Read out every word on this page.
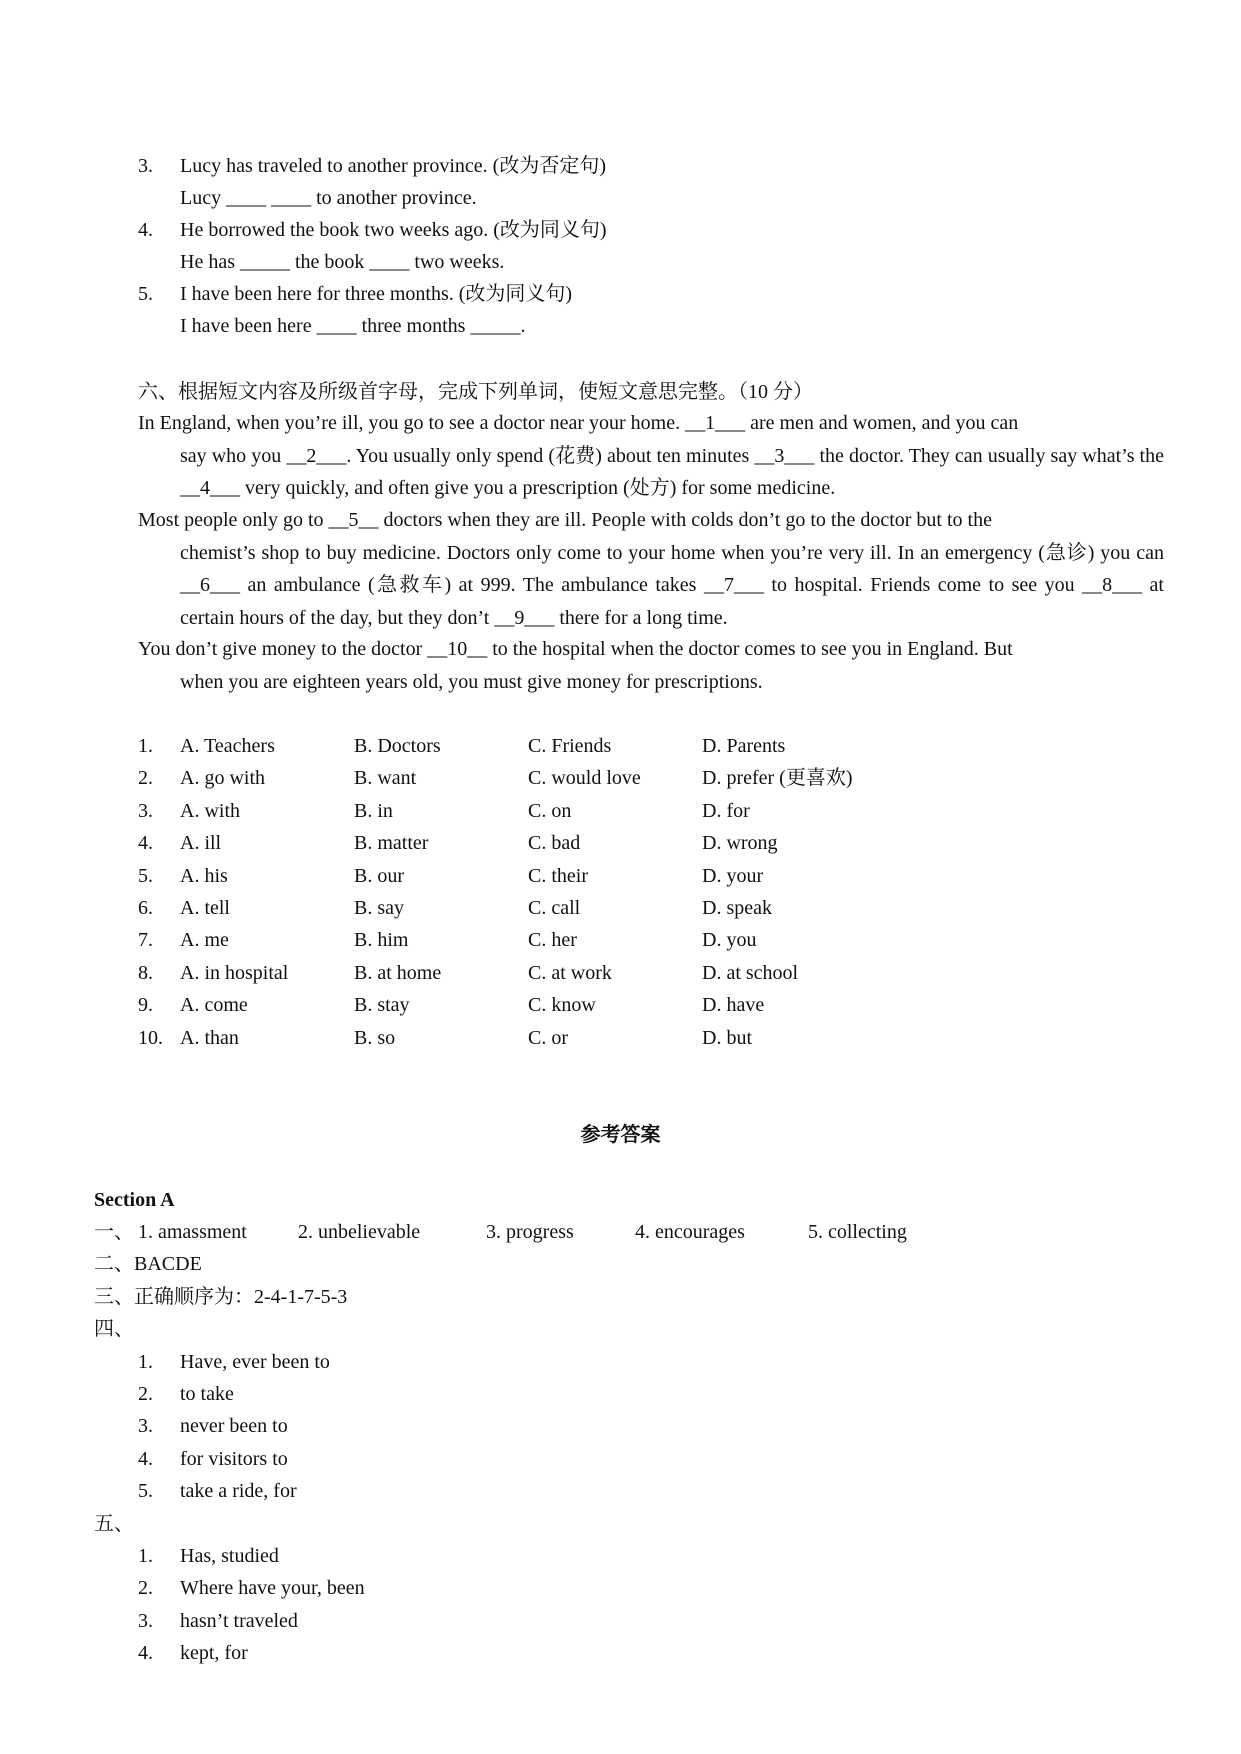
3. Lucy has traveled to another province. (改为否定句)
Lucy ____ ____ to another province.
4. He borrowed the book two weeks ago. (改为同义句)
He has _____ the book ____ two weeks.
5. I have been here for three months. (改为同义句)
I have been here ____ three months _____.
六、根据短文内容及所级首字母，完成下列单词，使短文意思完整。（10 分）
In England, when you’re ill, you go to see a doctor near your home. __1___ are men and women, and you can
say who you __2___. You usually only spend (花费) about ten minutes __3___ the doctor. They can usually say what’s the __4___ very quickly, and often give you a prescription (处方) for some medicine.
Most people only go to __5__ doctors when they are ill. People with colds don’t go to the doctor but to the
chemist’s shop to buy medicine. Doctors only come to your home when you’re very ill. In an emergency (急诊) you can __6___ an ambulance (急救车) at 999. The ambulance takes __7___ to hospital. Friends come to see you __8___ at certain hours of the day, but they don’t __9___ there for a long time.
You don’t give money to the doctor __10__ to the hospital when the doctor comes to see you in England. But
when you are eighteen years old, you must give money for prescriptions.
1. A. Teachers	B. Doctors	C. Friends	D. Parents
2. A. go with	B. want	C. would love	D. prefer (更喜欢)
3. A. with	B. in	C. on	D. for
4. A. ill	B. matter	C. bad	D. wrong
5. A. his	B. our	C. their	D. your
6. A. tell	B. say	C. call	D. speak
7. A. me	B. him	C. her	D. you
8. A. in hospital	B. at home	C. at work	D. at school
9. A. come	B. stay	C. know	D. have
10. A. than	B. so	C. or	D. but
参考答案
Section A
一、 1. amassment	2. unbelievable	3. progress	4. encourages	5. collecting
二、BACDE
三、正确顺序为：2-4-1-7-5-3
四、
1. Have, ever been to
2. to take
3. never been to
4. for visitors to
5. take a ride, for
五、
1. Has, studied
2. Where have your, been
3. hasn’t traveled
4. kept, for
